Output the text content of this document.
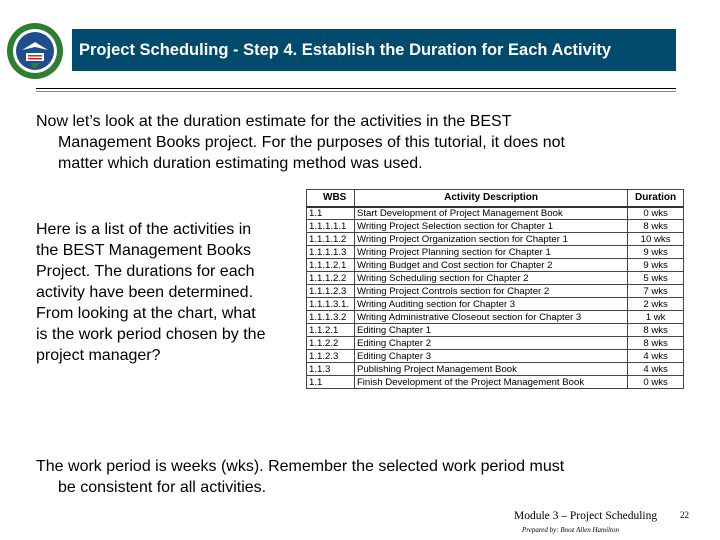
Project Scheduling - Step 4. Establish the Duration for Each Activity
Now let’s look at the duration estimate for the activities in the BEST
Management Books project. For the purposes of this tutorial, it does not
matter which duration estimating method was used.
Here is a list of the activities in
the BEST Management Books
Project. The durations for each
activity have been determined.
From looking at the chart, what
is the work period chosen by the
project manager?
WBS	Activity Description	Duration
1.1	Start Development of Project Management Book	0 wks
1.1.1.1.1	Writing Project Selection section for Chapter 1	8 wks
1.1.1.1.2	Writing Project Organization section for Chapter 1	10 wks
1.1.1.1.3	Writing Project Planning section for Chapter 1	9 wks
1.1.1.2.1	Writing Budget and Cost section for Chapter 2	9 wks
1.1.1.2.2	Writing Scheduling section for Chapter 2	5 wks
1.1.1.2.3	Writing Project Controls section for Chapter 2	7 wks
1.1.1.3.1.	Writing Auditing section for Chapter 3	2 wks
1.1.1.3.2	Writing Administrative Closeout section for Chapter 3	1 wk
1.1.2.1	Editing Chapter 1	8 wks
1.1.2.2	Editing Chapter 2	8 wks
1.1.2.3	Editing Chapter 3	4 wks
1.1.3	Publishing Project Management Book	4 wks
1.1	Finish Development of the Project Management Book	0 wks
The work period is weeks (wks). Remember the selected work period must
be consistent for all activities.
Module 3 – Project Scheduling
Prepared by: Booz Allen Hamilton
22
